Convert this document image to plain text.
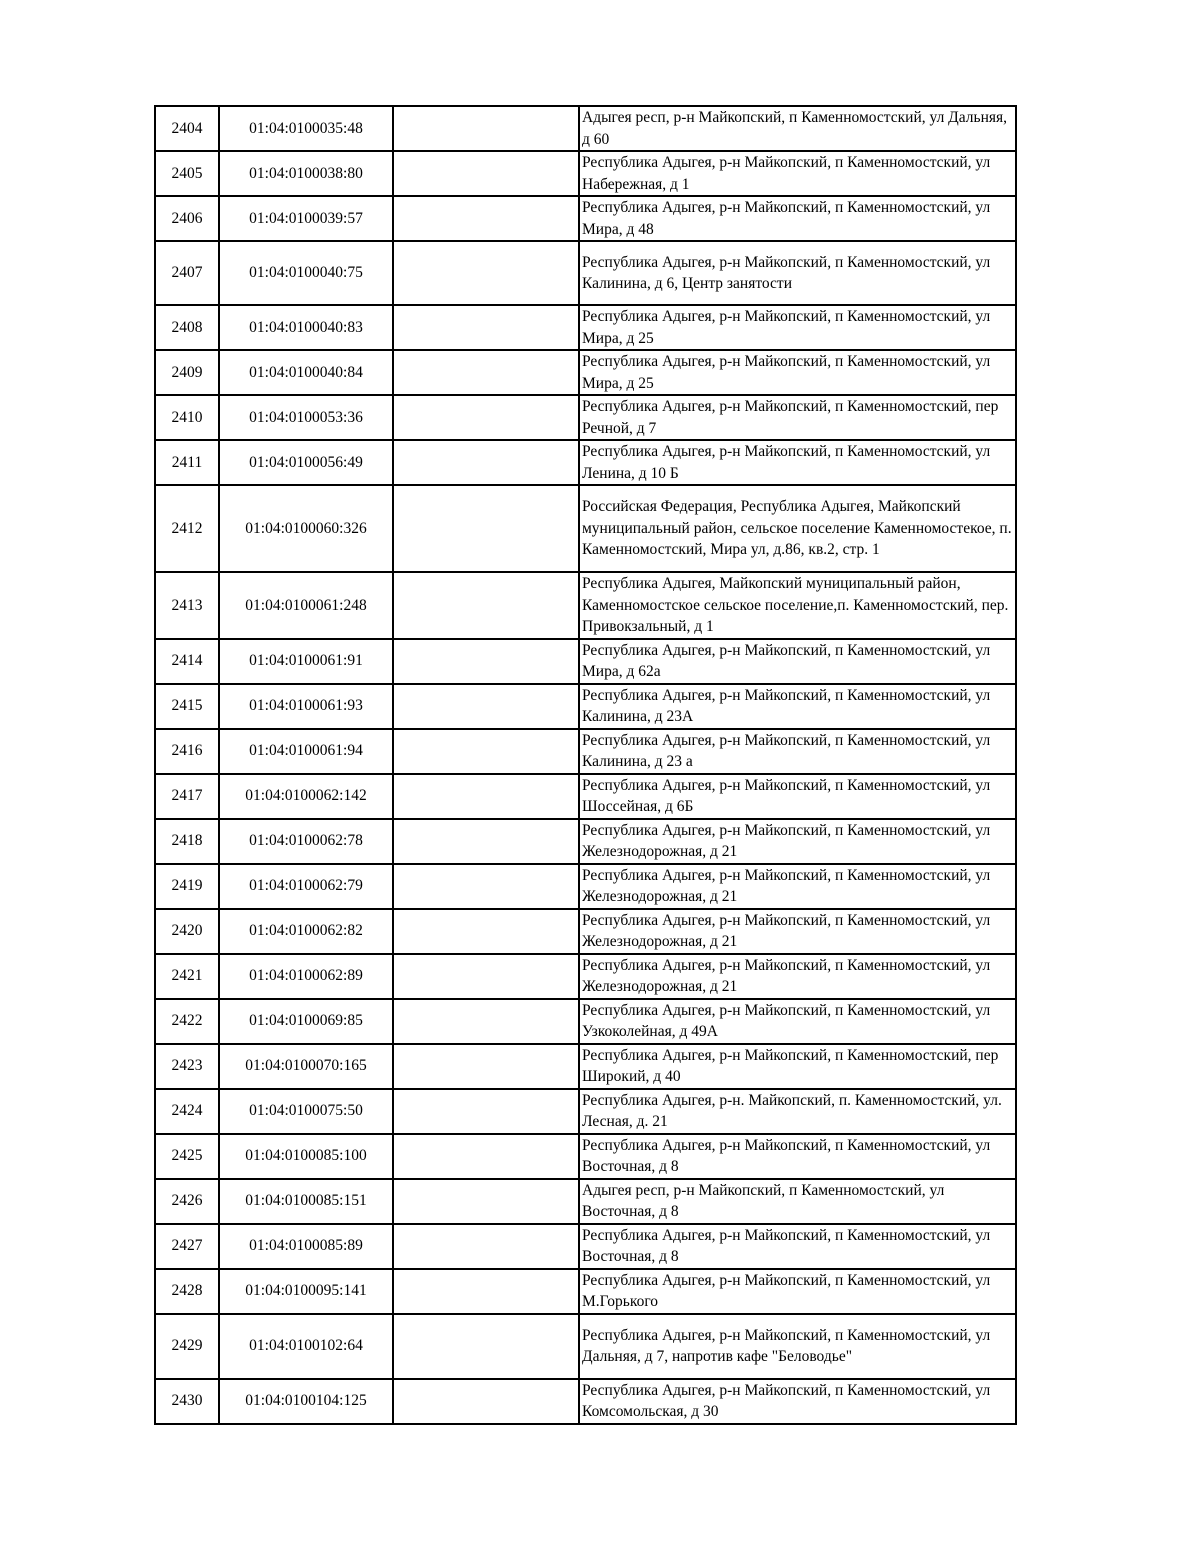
2404	01:04:0100035:48		Адыгея респ, р-н Майкопский, п Каменномостский, ул Дальняя, д 60
2405	01:04:0100038:80		Республика Адыгея, р-н Майкопский, п Каменномостский, ул Набережная, д 1
2406	01:04:0100039:57		Республика Адыгея, р-н Майкопский, п Каменномостский, ул Мира, д 48
2407	01:04:0100040:75		Республика Адыгея, р-н Майкопский, п Каменномостский, ул Калинина, д 6, Центр занятости
2408	01:04:0100040:83		Республика Адыгея, р-н Майкопский, п Каменномостский, ул Мира, д 25
2409	01:04:0100040:84		Республика Адыгея, р-н Майкопский, п Каменномостский, ул Мира, д 25
2410	01:04:0100053:36		Республика Адыгея, р-н Майкопский, п Каменномостский, пер Речной, д 7
2411	01:04:0100056:49		Республика Адыгея, р-н Майкопский, п Каменномостский, ул Ленина, д 10 Б
2412	01:04:0100060:326		Российская Федерация, Республика Адыгея, Майкопский муниципальный район, сельское поселение Каменномостекое, п. Каменномостский, Мира ул, д.86, кв.2, стр. 1
2413	01:04:0100061:248		Республика Адыгея, Майкопский муниципальный район, Каменномостское сельское поселение,п. Каменномостский, пер. Привокзальный, д 1
2414	01:04:0100061:91		Республика Адыгея, р-н Майкопский, п Каменномостский, ул Мира, д 62а
2415	01:04:0100061:93		Республика Адыгея, р-н Майкопский, п Каменномостский, ул Калинина, д 23А
2416	01:04:0100061:94		Республика Адыгея, р-н Майкопский, п Каменномостский, ул Калинина, д 23 а
2417	01:04:0100062:142		Республика Адыгея, р-н Майкопский, п Каменномостский, ул Шоссейная, д 6Б
2418	01:04:0100062:78		Республика Адыгея, р-н Майкопский, п Каменномостский, ул Железнодорожная, д 21
2419	01:04:0100062:79		Республика Адыгея, р-н Майкопский, п Каменномостский, ул Железнодорожная, д 21
2420	01:04:0100062:82		Республика Адыгея, р-н Майкопский, п Каменномостский, ул Железнодорожная, д 21
2421	01:04:0100062:89		Республика Адыгея, р-н Майкопский, п Каменномостский, ул Железнодорожная, д 21
2422	01:04:0100069:85		Республика Адыгея, р-н Майкопский, п Каменномостский, ул Узкоколейная, д 49А
2423	01:04:0100070:165		Республика Адыгея, р-н Майкопский, п Каменномостский, пер Широкий, д 40
2424	01:04:0100075:50		Республика Адыгея, р-н. Майкопский, п. Каменномостский, ул. Лесная, д. 21
2425	01:04:0100085:100		Республика Адыгея, р-н Майкопский, п Каменномостский, ул Восточная, д 8
2426	01:04:0100085:151		Адыгея респ, р-н Майкопский, п Каменномостский, ул Восточная, д 8
2427	01:04:0100085:89		Республика Адыгея, р-н Майкопский, п Каменномостский, ул Восточная, д 8
2428	01:04:0100095:141		Республика Адыгея, р-н Майкопский, п Каменномостский, ул М.Горького
2429	01:04:0100102:64		Республика Адыгея, р-н Майкопский, п Каменномостский, ул Дальняя, д 7, напротив кафе "Беловодье"
2430	01:04:0100104:125		Республика Адыгея, р-н Майкопский, п Каменномостский, ул Комсомольская, д 30
